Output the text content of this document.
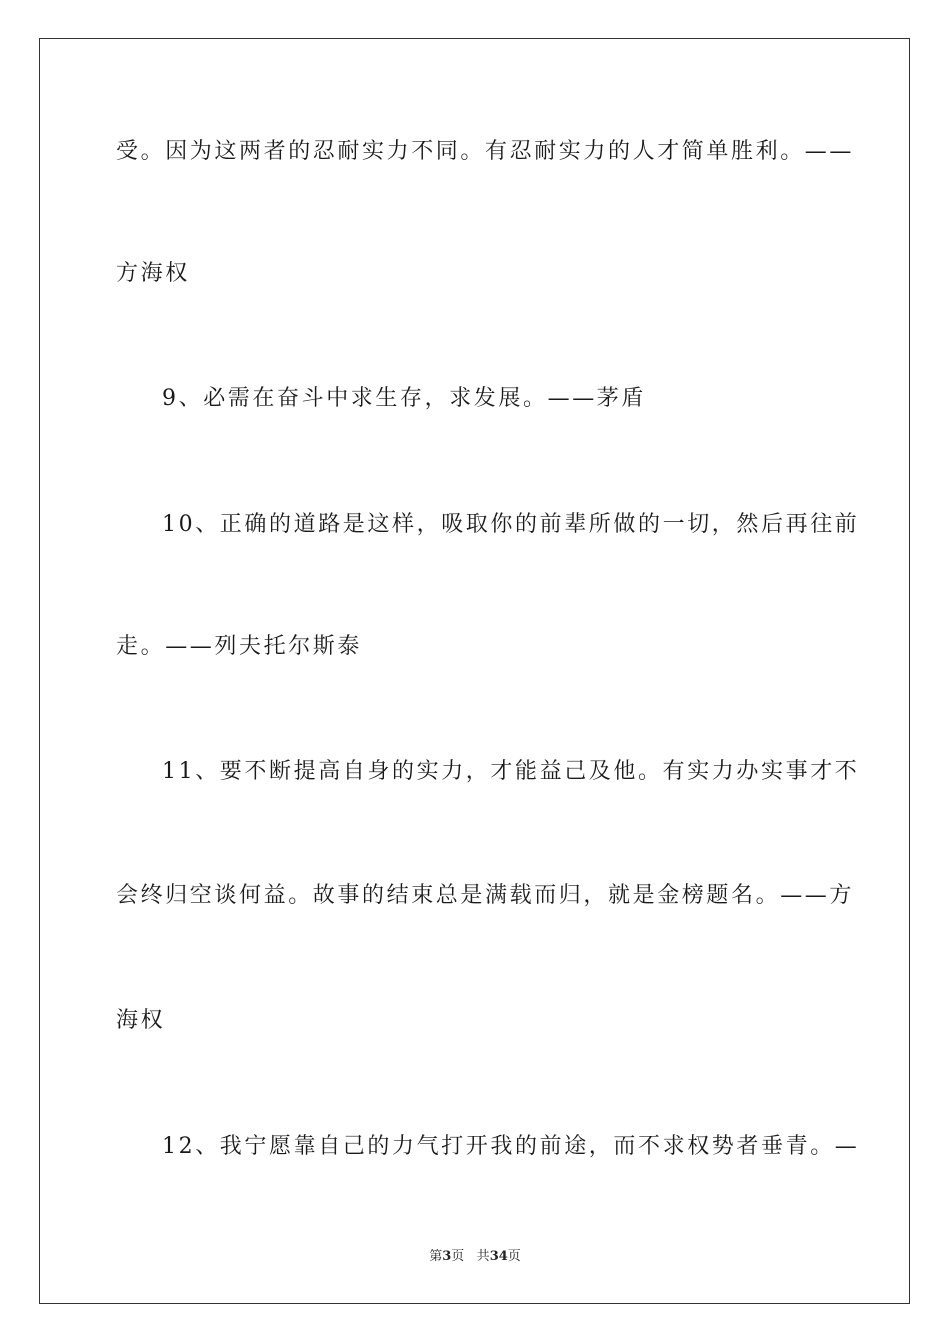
受。因为这两者的忍耐实力不同。有忍耐实力的人才简单胜利。——
方海权
9、必需在奋斗中求生存，求发展。——茅盾
10、正确的道路是这样，吸取你的前辈所做的一切，然后再往前
走。——列夫托尔斯泰
11、要不断提高自身的实力，才能益己及他。有实力办实事才不
会终归空谈何益。故事的结束总是满载而归，就是金榜题名。——方
海权
12、我宁愿靠自己的力气打开我的前途，而不求权势者垂青。—
第3页 共34页
